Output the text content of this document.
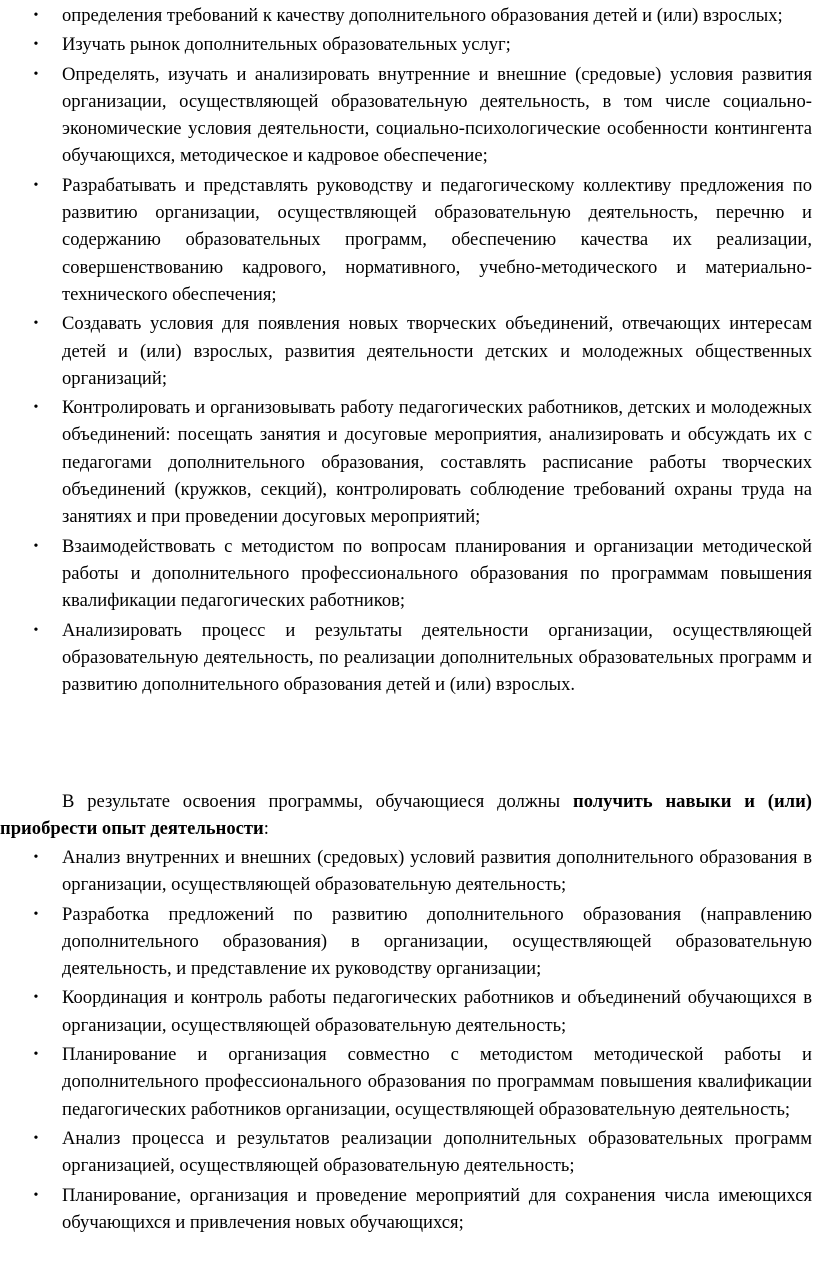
• определения требований к качеству дополнительного образования детей и (или) взрослых;
• Изучать рынок дополнительных образовательных услуг;
• Определять, изучать и анализировать внутренние и внешние (средовые) условия развития организации, осуществляющей образовательную деятельность, в том числе социально-экономические условия деятельности, социально-психологические особенности контингента обучающихся, методическое и кадровое обеспечение;
• Разрабатывать и представлять руководству и педагогическому коллективу предложения по развитию организации, осуществляющей образовательную деятельность, перечню и содержанию образовательных программ, обеспечению качества их реализации, совершенствованию кадрового, нормативного, учебно-методического и материально-технического обеспечения;
• Создавать условия для появления новых творческих объединений, отвечающих интересам детей и (или) взрослых, развития деятельности детских и молодежных общественных организаций;
• Контролировать и организовывать работу педагогических работников, детских и молодежных объединений: посещать занятия и досуговые мероприятия, анализировать и обсуждать их с педагогами дополнительного образования, составлять расписание работы творческих объединений (кружков, секций), контролировать соблюдение требований охраны труда на занятиях и при проведении досуговых мероприятий;
• Взаимодействовать с методистом по вопросам планирования и организации методической работы и дополнительного профессионального образования по программам повышения квалификации педагогических работников;
• Анализировать процесс и результаты деятельности организации, осуществляющей образовательную деятельность, по реализации дополнительных образовательных программ и развитию дополнительного образования детей и (или) взрослых.

В результате освоения программы, обучающиеся должны получить навыки и (или) приобрести опыт деятельности:

• Анализ внутренних и внешних (средовых) условий развития дополнительного образования в организации, осуществляющей образовательную деятельность;
• Разработка предложений по развитию дополнительного образования (направлению дополнительного образования) в организации, осуществляющей образовательную деятельность, и представление их руководству организации;
• Координация и контроль работы педагогических работников и объединений обучающихся в организации, осуществляющей образовательную деятельность;
• Планирование и организация совместно с методистом методической работы и дополнительного профессионального образования по программам повышения квалификации педагогических работников организации, осуществляющей образовательную деятельность;
• Анализ процесса и результатов реализации дополнительных образовательных программ организацией, осуществляющей образовательную деятельность;
• Планирование, организация и проведение мероприятий для сохранения числа имеющихся обучающихся и привлечения новых обучающихся;
